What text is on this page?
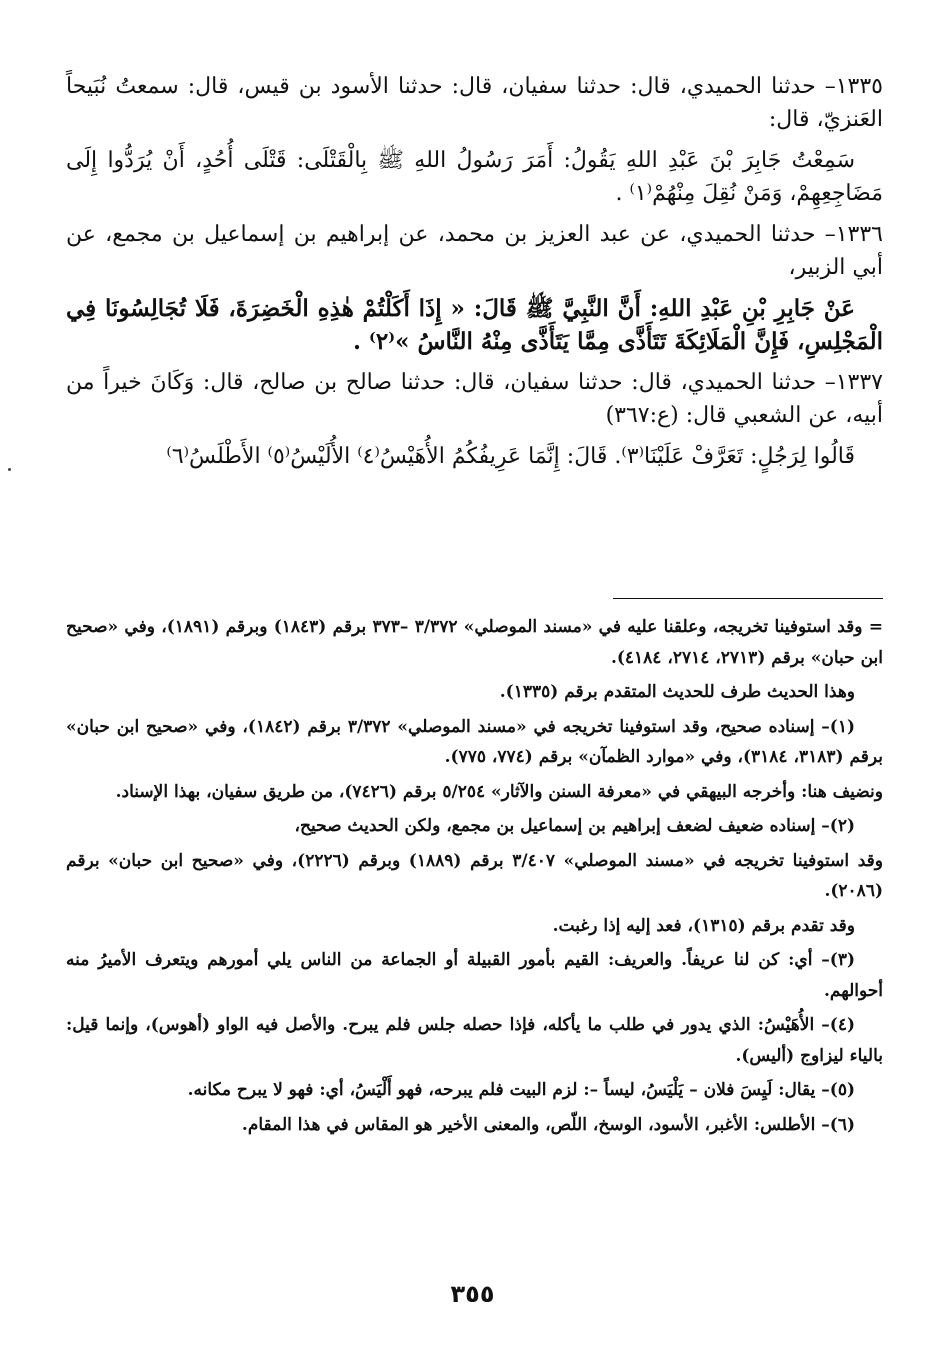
١٣٣٥– حدثنا الحميدي، قال: حدثنا سفيان، قال: حدثنا الأسود بن قيس، قال: سمعتُ نُبَيحاً العَنزيّ، قال:

سَمِعْتُ جَابِرَ بْنَ عَبْدِ اللهِ يَقُولُ: أَمَرَ رَسُولُ اللهِ ﷺ بِالْقَتْلَى: قَتْلَى أُحُدٍ، أَنْ يُرَدُّوا إِلَى مَضَاجِعِهِمْ، وَمَنْ نُقِلَ مِنْهُمْ⁽١⁾ .

١٣٣٦– حدثنا الحميدي، عن عبد العزيز بن محمد، عن إبراهيم بن إسماعيل بن مجمع، عن أبي الزبير،

عَنْ جَابِرِ بْنِ عَبْدِ اللهِ: أَنَّ النَّبِيَّ ﷺ قَالَ: « إِذَا أَكَلْتُمْ هٰذِهِ الْخَضِرَةَ، فَلَا تُجَالِسُونَا فِي الْمَجْلِسِ، فَإِنَّ الْمَلَائِكَةَ تَتَأَذَّى مِمَّا يَتَأَذَّى مِنْهُ النَّاسُ »⁽٢⁾ .

١٣٣٧– حدثنا الحميدي، قال: حدثنا سفيان، قال: حدثنا صالح بن صالح، قال: وَكَانَ خيراً من أبيه، عن الشعبي قال: (ع:٣٦٧)

قَالُوا لِرَجُلٍ: تَعَرَّفْ عَلَيْنَا⁽٣⁾. قَالَ: إِنَّمَا عَرِيفُكُمُ الأُهَيْسُ⁽٤⁾ الأُلَيْسُ⁽٥⁾ الأَطْلَسُ⁽٦⁾

= وقد استوفينا تخريجه، وعلقنا عليه في «مسند الموصلي» ٣/٣٧٢ –٣٧٣ برقم (١٨٤٣) وبرقم (١٨٩١)، وفي «صحيح ابن حبان» برقم (٢٧١٣، ٢٧١٤، ٤١٨٤).

وهذا الحديث طرف للحديث المتقدم برقم (١٣٣٥).

(١)– إسناده صحيح، وقد استوفينا تخريجه في «مسند الموصلي» ٣/٣٧٢ برقم (١٨٤٢)، وفي «صحيح ابن حبان» برقم (٣١٨٣، ٣١٨٤)، وفي «موارد الظمآن» برقم (٧٧٤، ٧٧٥).

ونضيف هنا: وأخرجه البيهقي في «معرفة السنن والآثار» ٥/٢٥٤ برقم (٧٤٢٦)، من طريق سفيان، بهذا الإسناد.

(٢)– إسناده ضعيف لضعف إبراهيم بن إسماعيل بن مجمع، ولكن الحديث صحيح،

وقد استوفينا تخريجه في «مسند الموصلي» ٣/٤٠٧ برقم (١٨٨٩) وبرقم (٢٢٢٦)، وفي «صحيح ابن حبان» برقم (٢٠٨٦).

وقد تقدم برقم (١٣١٥)، فعد إليه إذا رغبت.

(٣)– أي: كن لنا عريفاً. والعريف: القيم بأمور القبيلة أو الجماعة من الناس يلي أمورهم ويتعرف الأميرُ منه أحوالهم.

(٤)– الأُهَيْسُ: الذي يدور في طلب ما يأكله، فإذا حصله جلس فلم يبرح. والأصل فيه الواو (أهوس)، وإنما قيل: بالياء ليزاوج (أليس).

(٥)– يقال: لَيِسَ فلان – يَلْيَسُ، ليساً –: لزم البيت فلم يبرحه، فهو أَلْيَسُ، أي: فهو لا يبرح مكانه.

(٦)– الأطلس: الأغبر، الأسود، الوسخ، اللّص، والمعنى الأخير هو المقاس في هذا المقام.

٣٥٥
